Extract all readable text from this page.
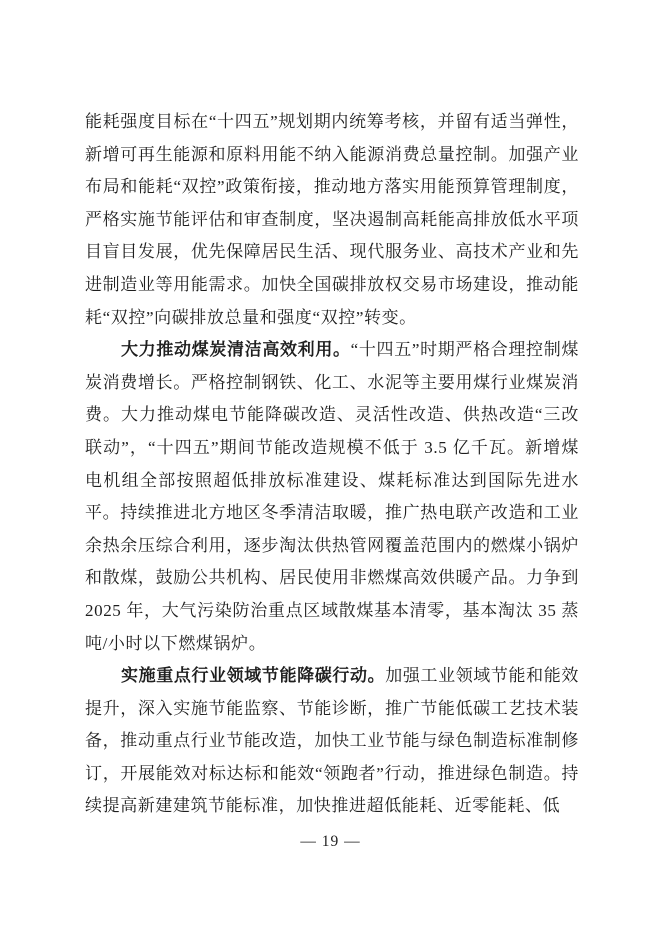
能耗强度目标在“十四五”规划期内统筹考核，并留有适当弹性，新增可再生能源和原料用能不纳入能源消费总量控制。加强产业布局和能耗“双控”政策衔接，推动地方落实用能预算管理制度，严格实施节能评估和审查制度，坚决遏制高耗能高排放低水平项目盲目发展，优先保障居民生活、现代服务业、高技术产业和先进制造业等用能需求。加快全国碳排放权交易市场建设，推动能耗“双控”向碳排放总量和强度“双控”转变。

大力推动煤炭清洁高效利用。“十四五”时期严格合理控制煤炭消费增长。严格控制钢铁、化工、水泥等主要用煤行业煤炭消费。大力推动煤电节能降碳改造、灵活性改造、供热改造“三改联动”，“十四五”期间节能改造规模不低于 3.5 亿千瓦。新增煤电机组全部按照超低排放标准建设、煤耗标准达到国际先进水平。持续推进北方地区冬季清洁取暖，推广热电联产改造和工业余热余压综合利用，逐步淘汰供热管网覆盖范围内的燃煤小锅炉和散煤，鼓励公共机构、居民使用非燃煤高效供暖产品。力争到 2025 年，大气污染防治重点区域散煤基本清零，基本淘汰 35 蒸吨/小时以下燃煤锅炉。

实施重点行业领域节能降碳行动。加强工业领域节能和能效提升，深入实施节能监察、节能诊断，推广节能低碳工艺技术装备，推动重点行业节能改造，加快工业节能与绿色制造标准制修订，开展能效对标达标和能效“领跑者”行动，推进绿色制造。持续提高新建建筑节能标准，加快推进超低能耗、近零能耗、低

— 19 —
